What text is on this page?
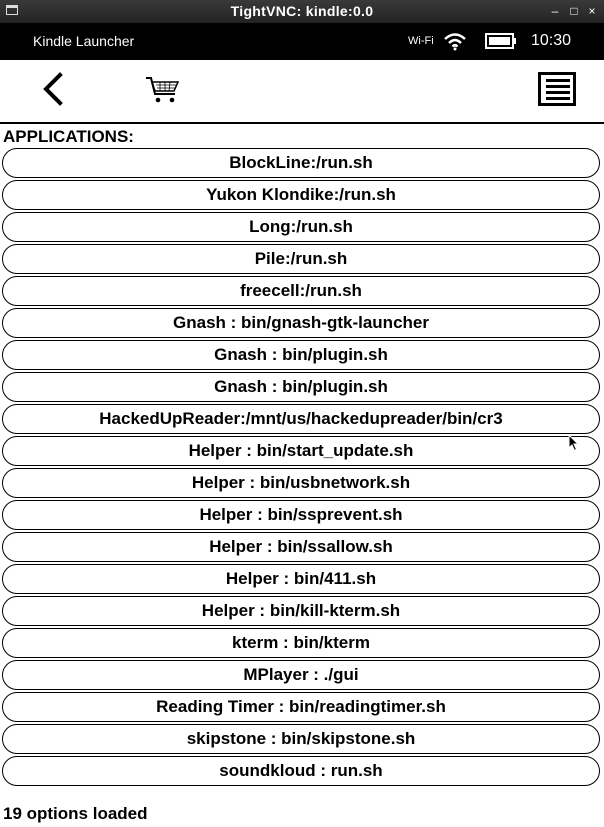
TightVNC: kindle:0.0	–	□ ×
Kindle Launcher	Wi-Fi	10:30
APPLICATIONS:
BlockLine:/run.sh
Yukon Klondike:/run.sh
Long:/run.sh
Pile:/run.sh
freecell:/run.sh
Gnash : bin/gnash-gtk-launcher
Gnash : bin/plugin.sh
Gnash : bin/plugin.sh
HackedUpReader:/mnt/us/hackedupreader/bin/cr3
Helper : bin/start_update.sh
Helper : bin/usbnetwork.sh
Helper : bin/ssprevent.sh
Helper : bin/ssallow.sh
Helper : bin/411.sh
Helper : bin/kill-kterm.sh
kterm : bin/kterm
MPlayer : ./gui
Reading Timer : bin/readingtimer.sh
skipstone : bin/skipstone.sh
soundkloud : run.sh
19 options loaded
